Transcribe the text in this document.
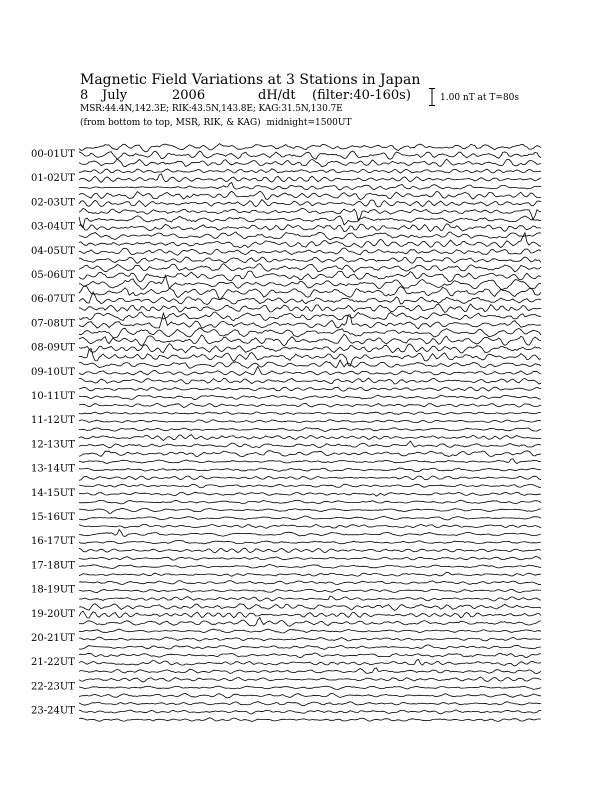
Magnetic Field Variations at 3 Stations in Japan
8 July	2006	dH/dt (filter:40-160s)
MSR:44.4N,142.3E; RIK:43.5N,143.8E; KAG:31.5N,130.7E
(from bottom to top, MSR, RIK, & KAG) midnight=1500UT
1.00 nT at T=80s
00-01UT
01-02UT
02-03UT
03-04UT
04-05UT
05-06UT
06-07UT
07-08UT
08-09UT
09-10UT
10-11UT
11-12UT
12-13UT
13-14UT
14-15UT
15-16UT
16-17UT
17-18UT
18-19UT
19-20UT
20-21UT
21-22UT
22-23UT
23-24UT
